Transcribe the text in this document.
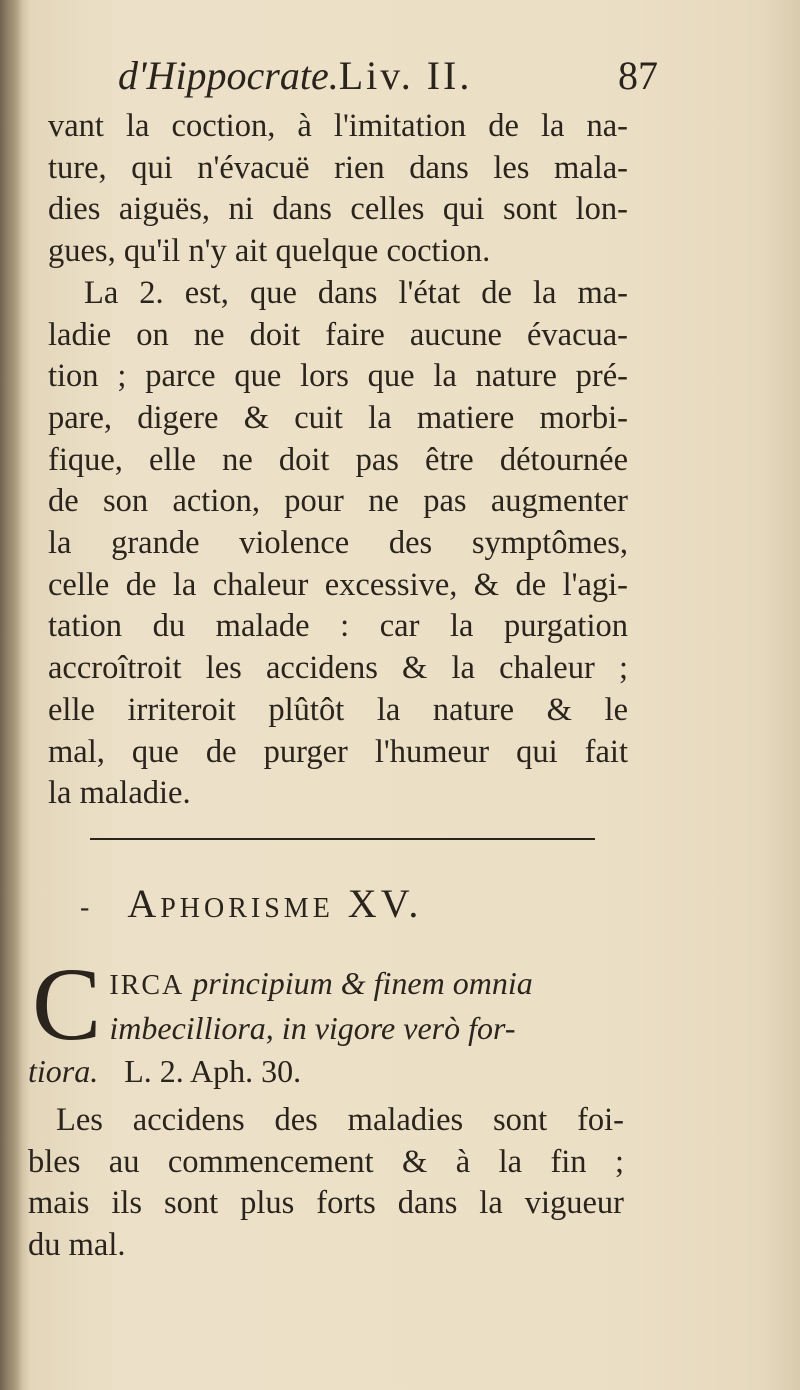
d'Hippocrate. Liv. II.	87
vant la coction, à l'imitation de la na-
ture, qui n'évacuë rien dans les mala-
dies aiguës, ni dans celles qui sont lon-
gues, qu'il n'y ait quelque coction.
La 2. est, que dans l'état de la ma-
ladie on ne doit faire aucune évacua-
tion ; parce que lors que la nature pré-
pare, digere & cuit la matiere morbi-
fique, elle ne doit pas être détournée
de son action, pour ne pas augmenter
la grande violence des symptômes,
celle de la chaleur excessive, & de l'agi-
tation du malade : car la purgation
accroîtroit les accidens & la chaleur ;
elle irriteroit plûtôt la nature & le
mal, que de purger l'humeur qui fait
la maladie.
- Aphorisme XV.
C IRCA principium & finem omnia
imbecilliora, in vigore verò for-
tiora. L. 2. Aph. 30.
Les accidens des maladies sont foi-
bles au commencement & à la fin ;
mais ils sont plus forts dans la vigueur
du mal.
